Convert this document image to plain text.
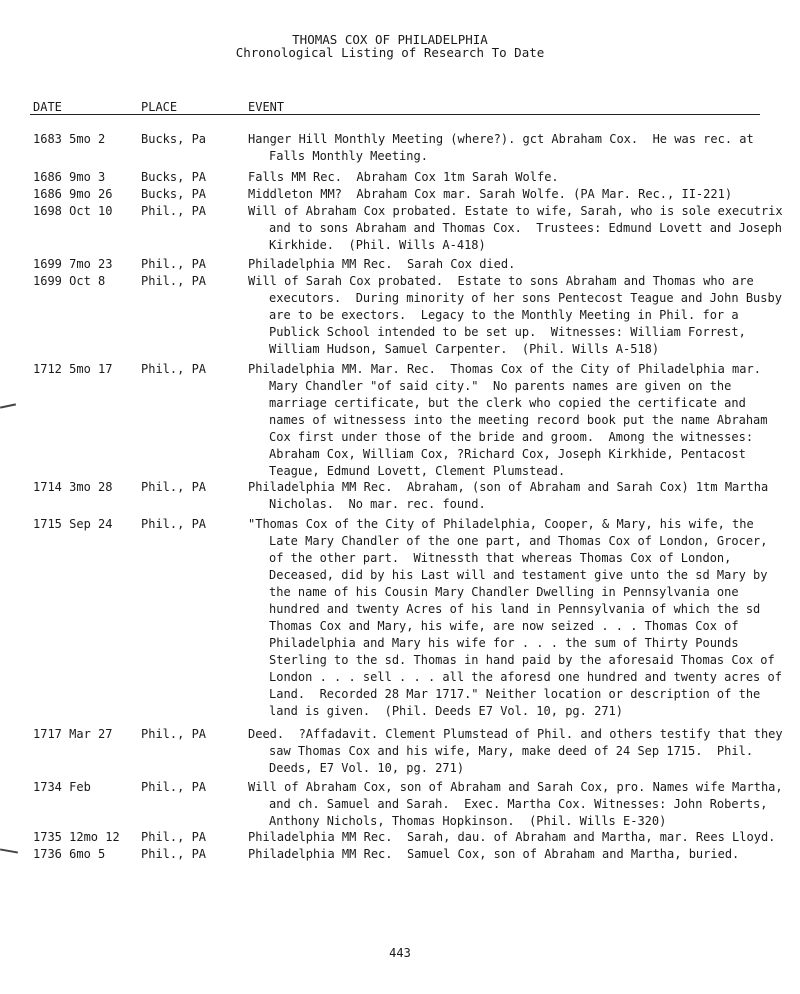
THOMAS COX OF PHILADELPHIA
Chronological Listing of Research To Date
DATE	PLACE	EVENT
1683 5mo 2	Bucks, Pa	Hanger Hill Monthly Meeting (where?). gct Abraham Cox.  He was rec. at
Falls Monthly Meeting.
1686 9mo 3	Bucks, PA	Falls MM Rec.  Abraham Cox 1tm Sarah Wolfe.
1686 9mo 26	Bucks, PA	Middleton MM?  Abraham Cox mar. Sarah Wolfe. (PA Mar. Rec., II-221)
1698 Oct 10	Phil., PA	Will of Abraham Cox probated. Estate to wife, Sarah, who is sole executrix
and to sons Abraham and Thomas Cox.  Trustees: Edmund Lovett and Joseph
Kirkhide.  (Phil. Wills A-418)
1699 7mo 23	Phil., PA	Philadelphia MM Rec.  Sarah Cox died.
1699 Oct 8	Phil., PA	Will of Sarah Cox probated.  Estate to sons Abraham and Thomas who are
executors.  During minority of her sons Pentecost Teague and John Busby
are to be exectors.  Legacy to the Monthly Meeting in Phil. for a
Publick School intended to be set up.  Witnesses: William Forrest,
William Hudson, Samuel Carpenter.  (Phil. Wills A-518)
1712 5mo 17	Phil., PA	Philadelphia MM. Mar. Rec.  Thomas Cox of the City of Philadelphia mar.
Mary Chandler "of said city."  No parents names are given on the
marriage certificate, but the clerk who copied the certificate and
names of witnessess into the meeting record book put the name Abraham
Cox first under those of the bride and groom.  Among the witnesses:
Abraham Cox, William Cox, ?Richard Cox, Joseph Kirkhide, Pentacost
Teague, Edmund Lovett, Clement Plumstead.
1714 3mo 28	Phil., PA	Philadelphia MM Rec.  Abraham, (son of Abraham and Sarah Cox) 1tm Martha
Nicholas.  No mar. rec. found.
1715 Sep 24	Phil., PA	"Thomas Cox of the City of Philadelphia, Cooper, & Mary, his wife, the
Late Mary Chandler of the one part, and Thomas Cox of London, Grocer,
of the other part.  Witnessth that whereas Thomas Cox of London,
Deceased, did by his Last will and testament give unto the sd Mary by
the name of his Cousin Mary Chandler Dwelling in Pennsylvania one
hundred and twenty Acres of his land in Pennsylvania of which the sd
Thomas Cox and Mary, his wife, are now seized . . . Thomas Cox of
Philadelphia and Mary his wife for . . . the sum of Thirty Pounds
Sterling to the sd. Thomas in hand paid by the aforesaid Thomas Cox of
London . . . sell . . . all the aforesd one hundred and twenty acres of
Land.  Recorded 28 Mar 1717." Neither location or description of the
land is given.  (Phil. Deeds E7 Vol. 10, pg. 271)
1717 Mar 27	Phil., PA	Deed.  ?Affadavit. Clement Plumstead of Phil. and others testify that they
saw Thomas Cox and his wife, Mary, make deed of 24 Sep 1715.  Phil.
Deeds, E7 Vol. 10, pg. 271)
1734 Feb	Phil., PA	Will of Abraham Cox, son of Abraham and Sarah Cox, pro. Names wife Martha,
and ch. Samuel and Sarah.  Exec. Martha Cox. Witnesses: John Roberts,
Anthony Nichols, Thomas Hopkinson.  (Phil. Wills E-320)
1735 12mo 12	Phil., PA	Philadelphia MM Rec.  Sarah, dau. of Abraham and Martha, mar. Rees Lloyd.
1736 6mo 5	Phil., PA	Philadelphia MM Rec.  Samuel Cox, son of Abraham and Martha, buried.
443
